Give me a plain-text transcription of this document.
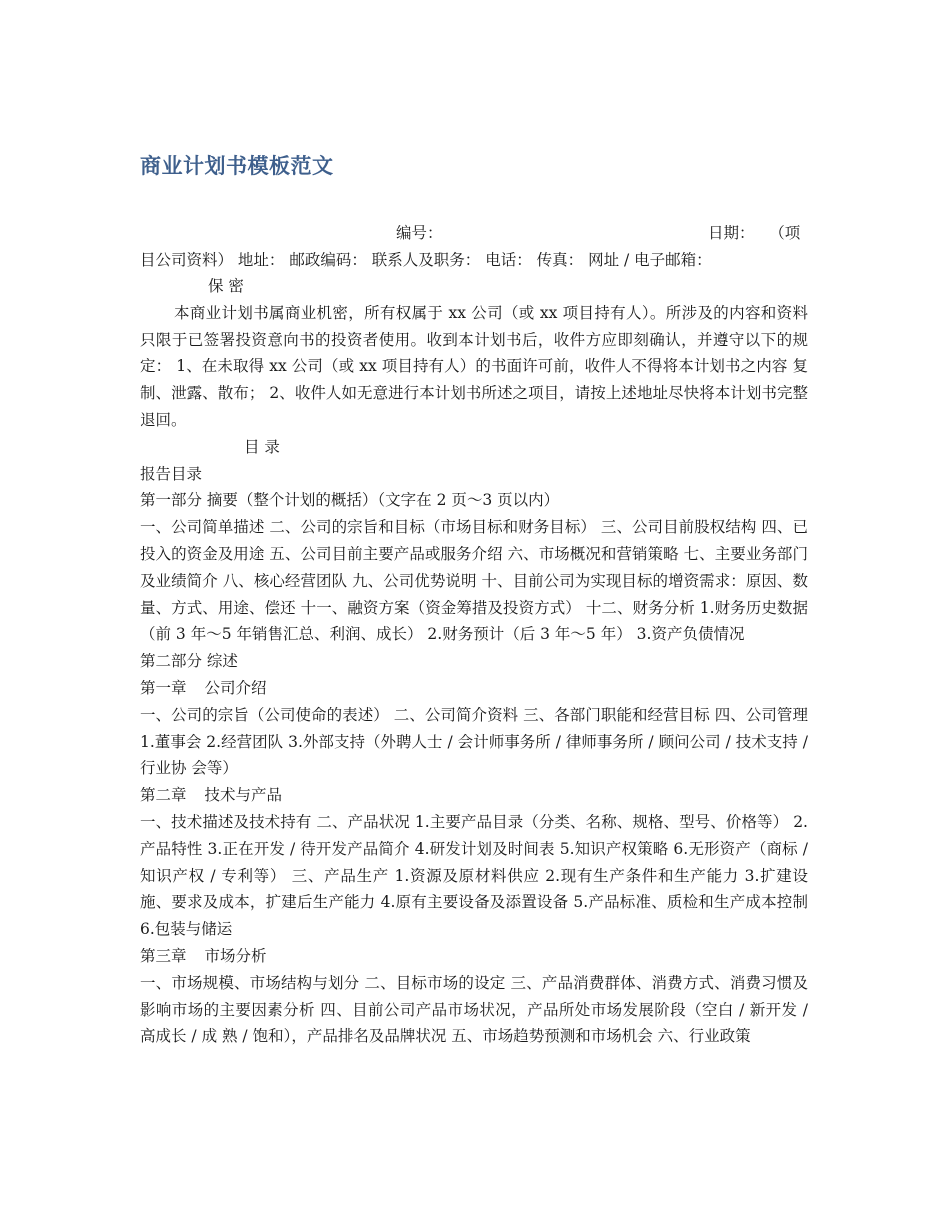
商业计划书模板范文
编号：	日期： （项
目公司资料） 地址： 邮政编码： 联系人及职务： 电话： 传真： 网址 / 电子邮箱：

保 密

本商业计划书属商业机密，所有权属于 xx 公司（或 xx 项目持有人）。所涉及的内容和资料只限于已签署投资意向书的投资者使用。收到本计划书后，收件方应即刻确认，并遵守以下的规定： 1、在未取得 xx 公司（或 xx 项目持有人）的书面许可前，收件人不得将本计划书之内容 复制、泄露、散布； 2、收件人如无意进行本计划书所述之项目，请按上述地址尽快将本计划书完整退回。

目 录

报告目录

第一部分 摘要（整个计划的概括）（文字在 2 页～3 页以内）

一、公司简单描述 二、公司的宗旨和目标（市场目标和财务目标） 三、公司目前股权结构 四、已投入的资金及用途 五、公司目前主要产品或服务介绍 六、市场概况和营销策略 七、主要业务部门及业绩简介 八、核心经营团队 九、公司优势说明 十、目前公司为实现目标的增资需求：原因、数量、方式、用途、偿还 十一、融资方案（资金筹措及投资方式） 十二、财务分析 1.财务历史数据（前 3 年～5 年销售汇总、利润、成长） 2.财务预计（后 3 年～5 年） 3.资产负债情况

第二部分 综述

第一章 公司介绍

一、公司的宗旨（公司使命的表述） 二、公司简介资料 三、各部门职能和经营目标 四、公司管理 1.董事会 2.经营团队 3.外部支持（外聘人士 / 会计师事务所 / 律师事务所 / 顾问公司 / 技术支持 / 行业协 会等）

第二章 技术与产品

一、技术描述及技术持有 二、产品状况 1.主要产品目录（分类、名称、规格、型号、价格等） 2.产品特性 3.正在开发 / 待开发产品简介 4.研发计划及时间表 5.知识产权策略 6.无形资产（商标 / 知识产权 / 专利等） 三、产品生产 1.资源及原材料供应 2.现有生产条件和生产能力 3.扩建设施、要求及成本，扩建后生产能力 4.原有主要设备及添置设备 5.产品标准、质检和生产成本控制 6.包装与储运

第三章 市场分析

一、市场规模、市场结构与划分 二、目标市场的设定 三、产品消费群体、消费方式、消费习惯及影响市场的主要因素分析 四、目前公司产品市场状况，产品所处市场发展阶段（空白 / 新开发 / 高成长 / 成 熟 / 饱和），产品排名及品牌状况 五、市场趋势预测和市场机会 六、行业政策
